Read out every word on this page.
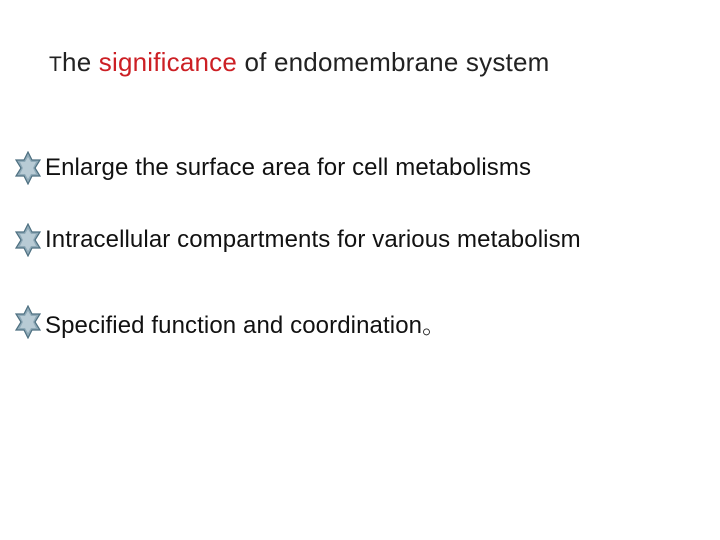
The significance of endomembrane system
Enlarge the surface area for cell metabolisms
Intracellular compartments for various metabolism
Specified function and coordination。
